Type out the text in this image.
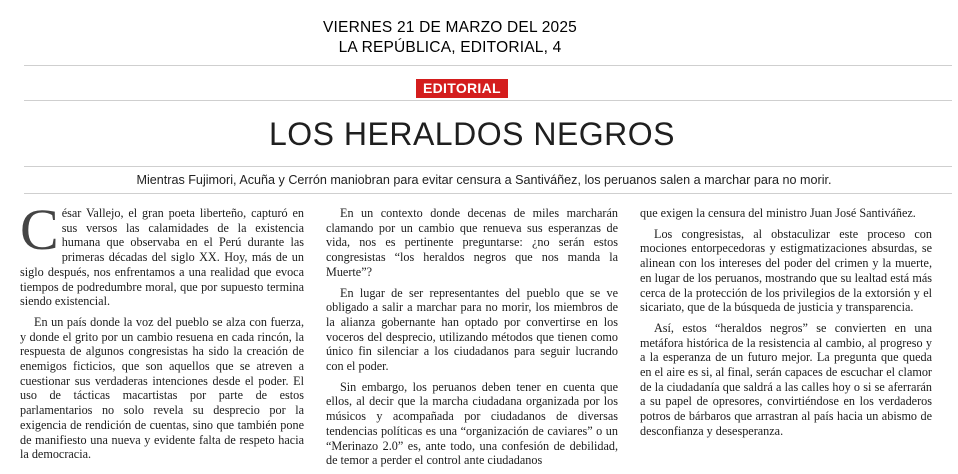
VIERNES 21 DE MARZO DEL 2025
LA REPÚBLICA, EDITORIAL, 4
EDITORIAL
LOS HERALDOS NEGROS

Mientras Fujimori, Acuña y Cerrón maniobran para evitar censura a Santiváñez, los peruanos salen a marchar para no morir.

César Vallejo, el gran poeta liberteño, capturó en sus versos las calamidades de la existencia humana que observaba en el Perú durante las primeras décadas del siglo XX. Hoy, más de un siglo después, nos enfrentamos a una realidad que evoca tiempos de podredumbre moral, que por supuesto termina siendo existencial.

En un país donde la voz del pueblo se alza con fuerza, y donde el grito por un cambio resuena en cada rincón, la respuesta de algunos congresistas ha sido la creación de enemigos ficticios, que son aquellos que se atreven a cuestionar sus verdaderas intenciones desde el poder. El uso de tácticas macartistas por parte de estos parlamentarios no solo revela su desprecio por la exigencia de rendición de cuentas, sino que también pone de manifiesto una nueva y evidente falta de respeto hacia la democracia.

En un contexto donde decenas de miles marcharán clamando por un cambio que renueva sus esperanzas de vida, nos es pertinente preguntarse: ¿no serán estos congresistas “los heraldos negros que nos manda la Muerte”?

En lugar de ser representantes del pueblo que se ve obligado a salir a marchar para no morir, los miembros de la alianza gobernante han optado por convertirse en los voceros del desprecio, utilizando métodos que tienen como único fin silenciar a los ciudadanos para seguir lucrando con el poder.

Sin embargo, los peruanos deben tener en cuenta que ellos, al decir que la marcha ciudadana organizada por los músicos y acompañada por ciudadanos de diversas tendencias políticas es una “organización de caviares” o un “Merinazo 2.0” es, ante todo, una confesión de debilidad, de temor a perder el control ante ciudadanos

que exigen la censura del ministro Juan José Santiváñez.

Los congresistas, al obstaculizar este proceso con mociones entorpecedoras y estigmatizaciones absurdas, se alinean con los intereses del poder del crimen y la muerte, en lugar de los peruanos, mostrando que su lealtad está más cerca de la protección de los privilegios de la extorsión y el sicariato, que de la búsqueda de justicia y transparencia.

Así, estos “heraldos negros” se convierten en una metáfora histórica de la resistencia al cambio, al progreso y a la esperanza de un futuro mejor. La pregunta que queda en el aire es si, al final, serán capaces de escuchar el clamor de la ciudadanía que saldrá a las calles hoy o si se aferrarán a su papel de opresores, convirtiéndose en los verdaderos potros de bárbaros que arrastran al país hacia un abismo de desconfianza y desesperanza.
